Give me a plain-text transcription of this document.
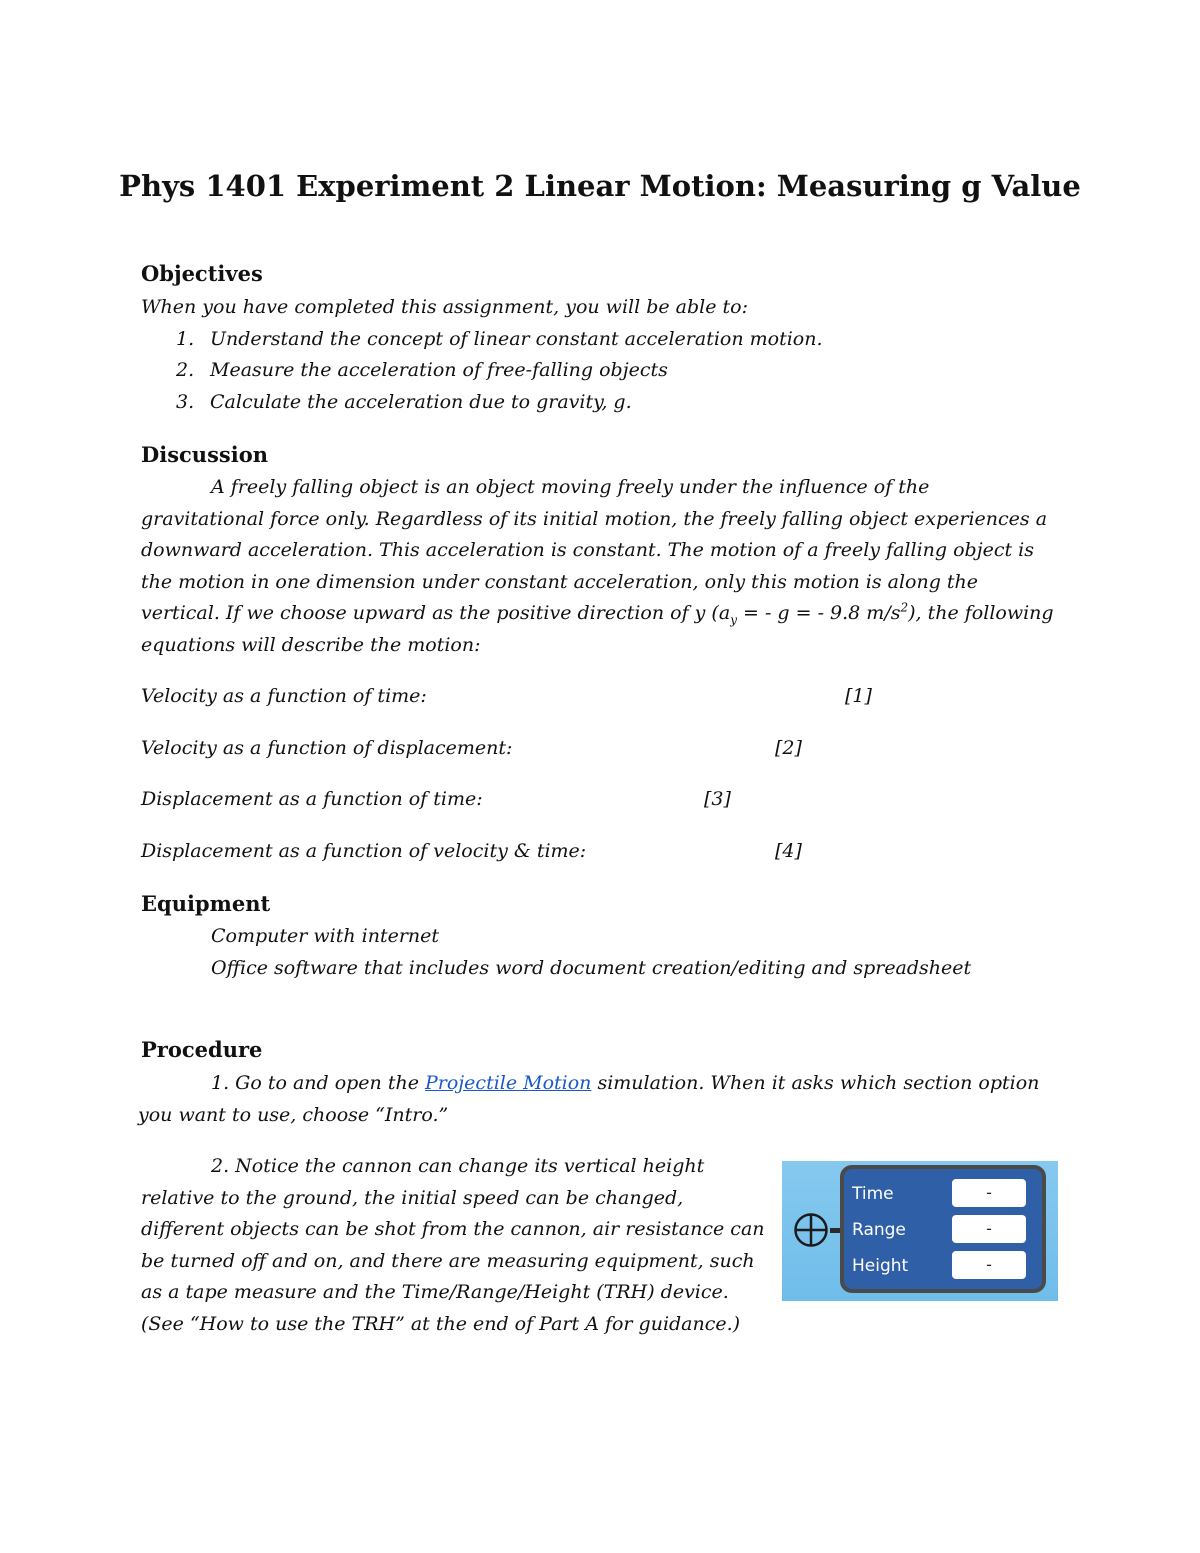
Phys 1401 Experiment 2 Linear Motion: Measuring g Value
Objectives

When you have completed this assignment, you will be able to:

1. Understand the concept of linear constant acceleration motion.

2. Measure the acceleration of free-falling objects

3. Calculate the acceleration due to gravity, g.

Discussion
A freely falling object is an object moving freely under the influence of the
gravitational force only. Regardless of its initial motion, the freely falling object experiences a
downward acceleration. This acceleration is constant. The motion of a freely falling object is
the motion in one dimension under constant acceleration, only this motion is along the
vertical. If we choose upward as the positive direction of y ($a_y$ = - g = - 9.8 $m/s^2$), the following
equations will describe the motion:

Velocity as a function of time:	[1]

Velocity as a function of displacement:	[2]

Displacement as a function of time:	[3]

Displacement as a function of velocity & time:	[4]
Equipment

Computer with internet

Office software that includes word document creation/editing and spreadsheet

Procedure

1. Go to and open the Projectile Motion simulation. When it asks which section option

you want to use, choose “Intro.”

2. Notice the cannon can change its vertical height
relative to the ground, the initial speed can be changed,
different objects can be shot from the cannon, air resistance can
be turned off and on, and there are measuring equipment, such
as a tape measure and the Time/Range/Height (TRH) device.
(See “How to use the TRH” at the end of Part A for guidance.)
Time	-
Range	-
Height	-
